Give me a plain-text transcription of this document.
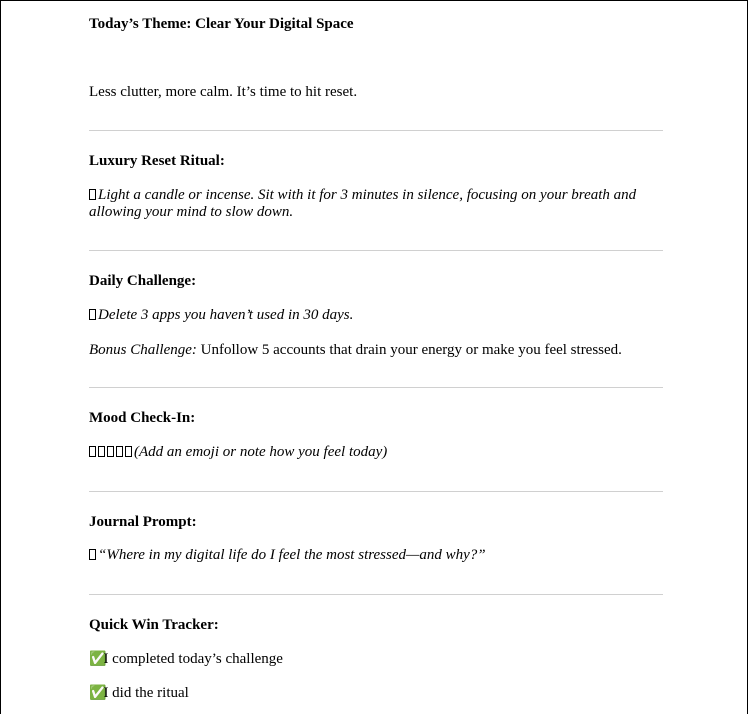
Today’s Theme: Clear Your Digital Space
Less clutter, more calm. It’s time to hit reset.
Luxury Reset Ritual:
Light a candle or incense. Sit with it for 3 minutes in silence, focusing on your breath and allowing your mind to slow down.
Daily Challenge:
Delete 3 apps you haven’t used in 30 days.
Bonus Challenge: Unfollow 5 accounts that drain your energy or make you feel stressed.
Mood Check-In:
(Add an emoji or note how you feel today)
Journal Prompt:
“Where in my digital life do I feel the most stressed—and why?”
Quick Win Tracker:
✅I completed today’s challenge
✅I did the ritual
